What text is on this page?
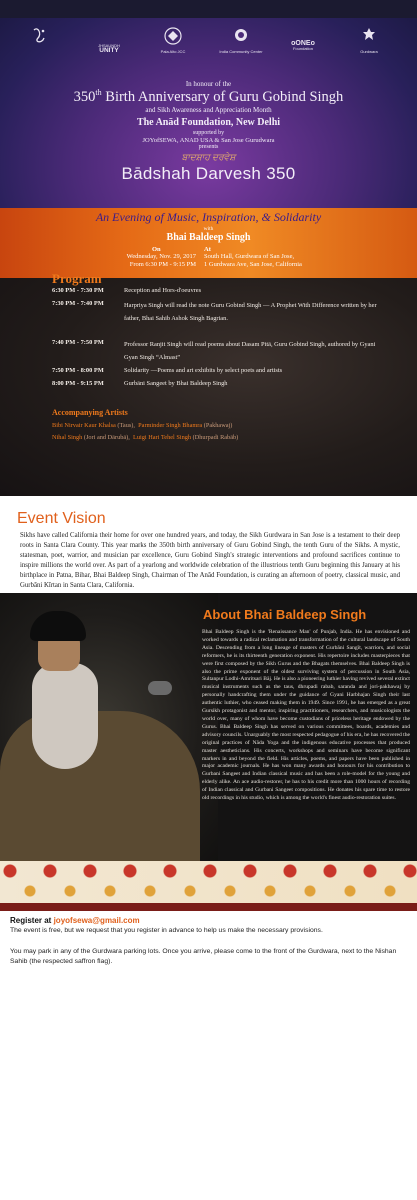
JHSAUNDH
UNITY	Pala Alto JCC	India Community Center
oONEo
Foundation
Gurdwara
In honour of the
350th Birth Anniversary of Guru Gobind Singh
and Sikh Awareness and Appreciation Month
The Anād Foundation, New Delhi
supported by
JOYofSEWA, ANAD USA & San Jose Gurudwara
presents
ਬਾਦਸ਼ਾਹ ਦਰਵੇਸ਼
Bādshah Darvesh 350
An Evening of Music, Inspiration, & Solidarity
with
Bhai Baldeep Singh
On	At
Wednesday, Nov. 29, 2017
From 6:30 PM - 9:15 PM
South Hall, Gurdwara of San Jose,
1 Gurdwara Ave, San Jose, California
Program
6:30 PM - 7:30 PM	Reception and Hors-d'oeuvres
7:30 PM - 7:40 PM	Harpriya Singh will read the note Guru Gobind Singh — A Prophet With Difference written by her father, Bhai Sahib Ashok Singh Bagrian.
7:40 PM - 7:50 PM	Professor Ranjit Singh will read poems about Dasam Pitā, Guru Gobind Singh, authored by Gyani Gyan Singh “Almast”
7:50 PM - 8:00 PM	Solidarity —Poems and art exhibits by select poets and artists
8:00 PM - 9:15 PM	Gurbāni Sangeet by Bhai Baldeep Singh
Accompanying Artists
Bibi Nirvair Kaur Khalsa (Taus), Parminder Singh Bhamra (Pakhawaj)
Nihal Singh (Jori and Dārubā), Luigi Hari Tehel Singh (Dhurpadi Rabāb)
Event Vision

Sikhs have called California their home for over one hundred years, and today, the Sikh Gurdwara in San Jose is a testament to their deep roots in Santa Clara County. This year marks the 350th birth anniversary of Guru Gobind Singh, the tenth Guru of the Sikhs. A mystic, statesman, poet, warrior, and musician par excellence, Guru Gobind Singh's strategic interventions and profound sacrifices continue to inspire millions the world over. As part of a yearlong and worldwide celebration of the illustrious tenth Guru beginning this January at his birthplace in Patna, Bihar, Bhai Baldeep Singh, Chairman of The Anād Foundation, is curating an afternoon of poetry, classical music, and Gurbāni Kīrtan in Santa Clara, California.

About Bhai Baldeep Singh

Bhai Baldeep Singh is the 'Renaissance Man' of Punjab, India. He has envisioned and worked towards a radical reclamation and transformation of the cultural landscape of South Asia. Descending from a long lineage of masters of Gurbāni Sangīt, warriors, and social reformers, he is its thirteenth generation exponent. His repertoire includes masterpieces that were first composed by the Sikh Gurus and the Bhagats themselves. Bhai Baldeep Singh is also the prime exponent of the oldest surviving system of percussion in South Asia, Sultanpur Lodhi-Amritsari Bāj. He is also a pioneering luthier having revived several extinct musical instruments such as the taus, dhrupadi rabab, saranda and jori-pakhawaj by personally handcrafting them under the guidance of Gyani Harbhajan Singh their last authentic luthier, who ceased making them in 1949. Since 1991, he has emerged as a great Gursikh protagonist and mentor, inspiring practitioners, researchers, and musicologists the world over, many of whom have become custodians of priceless heritage endowed by the Gurus. Bhai Baldeep Singh has served on various committees, boards, academies and advisory councils. Unarguably the most respected pedagogue of his era, he has recovered the original practices of Nāda Yoga and the indigenous educative processes that produced master aestheticians. His concerts, workshops and seminars have become significant markers in and beyond the field. His articles, poems, and papers have been published in major academic journals. He has won many awards and honours for his contribution to Gurbani Sangeet and Indian classical music and has been a role-model for the young and elderly alike. An ace audio-restorer, he has to his credit more than 1000 hours of recording of Indian classical and Gurbani Sangeet compositions. He donates his spare time to restore old recordings in his studio, which is among the world's finest audio-restoration suites.

Register at joyofsewa@gmail.com
The event is free, but we request that you register in advance to help us make the necessary provisions.
You may park in any of the Gurdwara parking lots. Once you arrive, please come to the front of the Gurdwara, next to the Nishan Sahib (the respected saffron flag).
